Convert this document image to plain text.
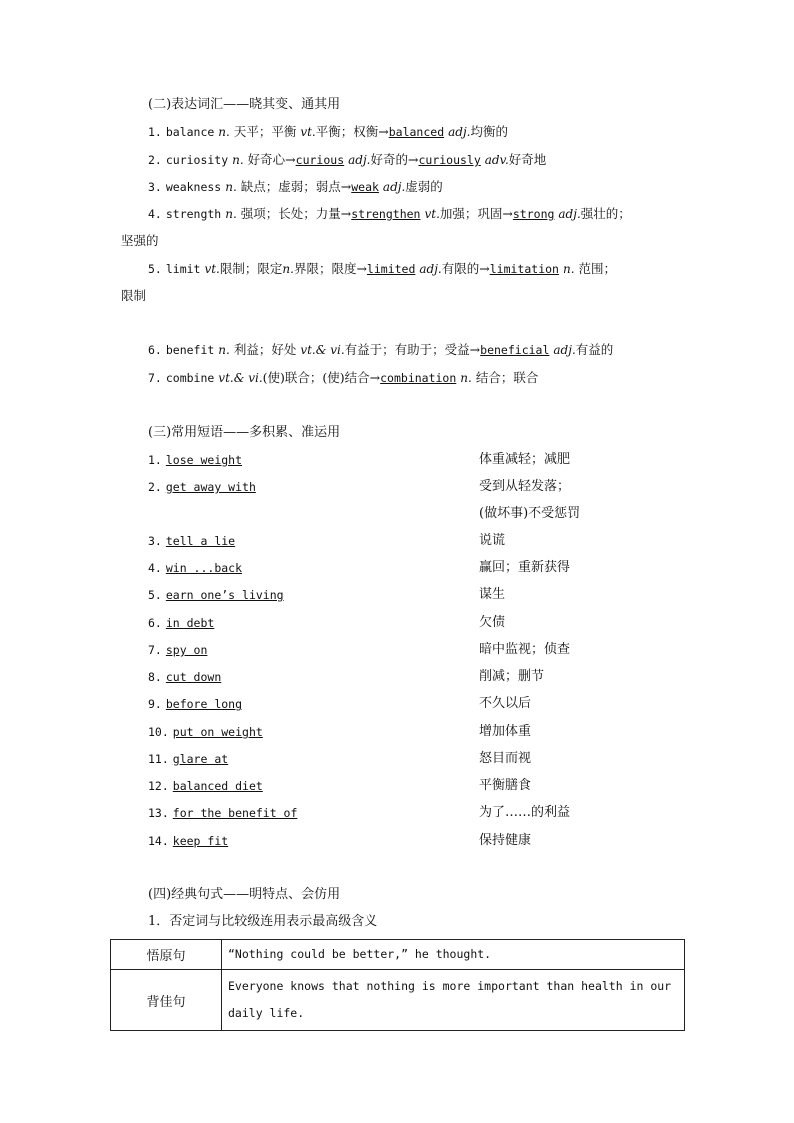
(二)表达词汇——晓其变、通其用
1. balance n. 天平；平衡 vt.平衡；权衡→balanced adj.均衡的
2. curiosity n. 好奇心→curious adj.好奇的→curiously adv.好奇地
3. weakness n. 缺点；虚弱；弱点→weak adj.虚弱的
4. strength n. 强项；长处；力量→strengthen vt.加强；巩固→strong adj.强壮的；
坚强的
5. limit vt.限制；限定n.界限；限度→limited adj.有限的→limitation n. 范围；
限制
6. benefit n. 利益；好处 vt.& vi.有益于；有助于；受益→beneficial adj.有益的
7. combine vt.& vi.(使)联合；(使)结合→combination n. 结合；联合
(三)常用短语——多积累、准运用
1. lose weight	体重减轻；减肥
2. get away with	受到从轻发落；
(做坏事)不受惩罚
3. tell a lie	说谎
4. win ...back	赢回；重新获得
5. earn one’s living	谋生
6. in debt	欠债
7. spy on	暗中监视；侦查
8. cut down	削减；删节
9. before long	不久以后
10. put on weight	增加体重
11. glare at	怒目而视
12. balanced diet	平衡膳食
13. for the benefit of	为了……的利益
14. keep fit	保持健康
(四)经典句式——明特点、会仿用
1．否定词与比较级连用表示最高级含义
悟原句	“Nothing could be better,” he thought.
背佳句	Everyone knows that nothing is more important than health in our daily life.
